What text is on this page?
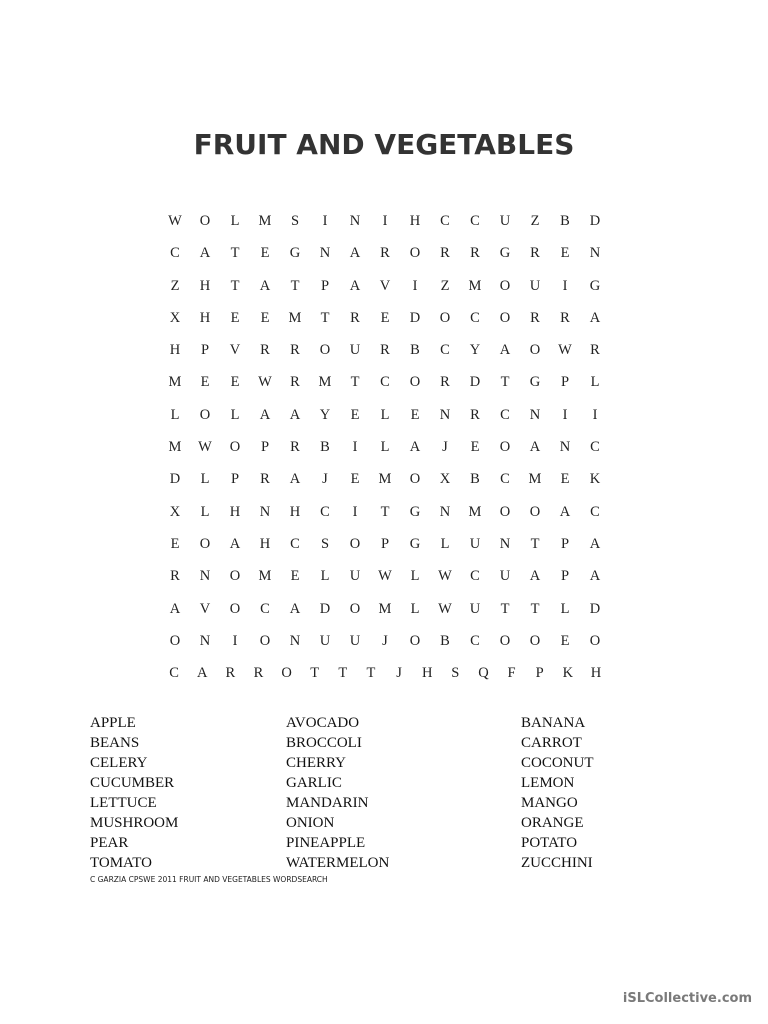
FRUIT AND VEGETABLES
W	O	L	M	S	I	N	I	H	C	C	U	Z	B	D
C	A	T	E	G	N	A	R	O	R	R	G	R	E	N
Z	H	T	A	T	P	A	V	I	Z	M	O	U	I	G
X	H	E	E	M	T	R	E	D	O	C	O	R	R	A
H	P	V	R	R	O	U	R	B	C	Y	A	O	W	R
M	E	E	W	R	M	T	C	O	R	D	T	G	P	L
L	O	L	A	A	Y	E	L	E	N	R	C	N	I	I
M	W	O	P	R	B	I	L	A	J	E	O	A	N	C
D	L	P	R	A	J	E	M	O	X	B	C	M	E	K
X	L	H	N	H	C	I	T	G	N	M	O	O	A	C
E	O	A	H	C	S	O	P	G	L	U	N	T	P	A
R	N	O	M	E	L	U	W	L	W	C	U	A	P	A
A	V	O	C	A	D	O	M	L	W	U	T	T	L	D
O	N	I	O	N	U	U	J	O	B	C	O	O	E	O
C	A	R	R	O	T	T	T	J	H	S	Q	F	P	K	H
APPLE
BEANS
CELERY
CUCUMBER
LETTUCE
MUSHROOM
PEAR
TOMATO
AVOCADO
BROCCOLI
CHERRY
GARLIC
MANDARIN
ONION
PINEAPPLE
WATERMELON
BANANA
CARROT
COCONUT
LEMON
MANGO
ORANGE
POTATO
ZUCCHINI
C GARZIA CPSWE 2011 FRUIT AND VEGETABLES WORDSEARCH
iSLCollective.com
